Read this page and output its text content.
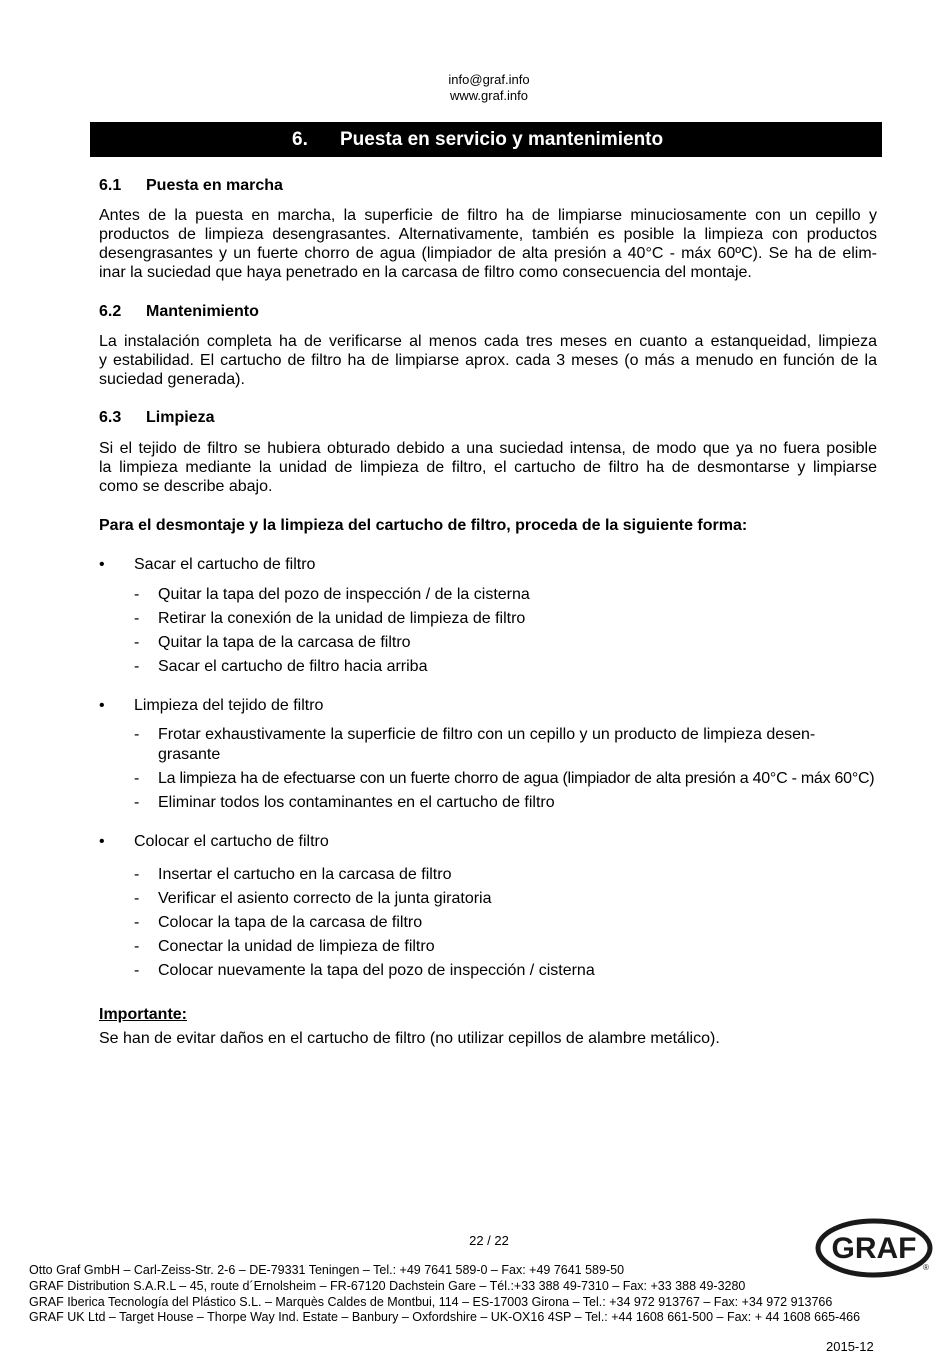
info@graf.info
www.graf.info
6. Puesta en servicio y mantenimiento
6.1 Puesta en marcha
Antes de la puesta en marcha, la superficie de filtro ha de limpiarse minuciosamente con un cepillo y
productos de limpieza desengrasantes. Alternativamente, también es posible la limpieza con productos
desengrasantes y un fuerte chorro de agua (limpiador de alta presión a 40°C - máx 60ºC). Se ha de elim-
inar la suciedad que haya penetrado en la carcasa de filtro como consecuencia del montaje.
6.2 Mantenimiento
La instalación completa ha de verificarse al menos cada tres meses en cuanto a estanqueidad, limpieza
y estabilidad. El cartucho de filtro ha de limpiarse aprox. cada 3 meses (o más a menudo en función de la
suciedad generada).
6.3 Limpieza
Si el tejido de filtro se hubiera obturado debido a una suciedad intensa, de modo que ya no fuera posible
la limpieza mediante la unidad de limpieza de filtro, el cartucho de filtro ha de desmontarse y limpiarse
como se describe abajo.
Para el desmontaje y la limpieza del cartucho de filtro, proceda de la siguiente forma:
• Sacar el cartucho de filtro
- Quitar la tapa del pozo de inspección / de la cisterna
- Retirar la conexión de la unidad de limpieza de filtro
- Quitar la tapa de la carcasa de filtro
- Sacar el cartucho de filtro hacia arriba
• Limpieza del tejido de filtro
- Frotar exhaustivamente la superficie de filtro con un cepillo y un producto de limpieza desen-
grasante
- La limpieza ha de efectuarse con un fuerte chorro de agua (limpiador de alta presión a 40°C - máx 60°C)
- Eliminar todos los contaminantes en el cartucho de filtro
• Colocar el cartucho de filtro
- Insertar el cartucho en la carcasa de filtro
- Verificar el asiento correcto de la junta giratoria
- Colocar la tapa de la carcasa de filtro
- Conectar la unidad de limpieza de filtro
- Colocar nuevamente la tapa del pozo de inspección / cisterna
Importante:
Se han de evitar daños en el cartucho de filtro (no utilizar cepillos de alambre metálico).
22 / 22	GRAF
®
Otto Graf GmbH – Carl-Zeiss-Str. 2-6 – DE-79331 Teningen – Tel.: +49 7641 589-0 – Fax: +49 7641 589-50
GRAF Distribution S.A.R.L – 45, route d´Ernolsheim – FR-67120 Dachstein Gare – Tél.:+33 388 49-7310 – Fax: +33 388 49-3280
GRAF Iberica Tecnología del Plástico S.L. – Marquès Caldes de Montbui, 114 – ES-17003 Girona – Tel.: +34 972 913767 – Fax: +34 972 913766
GRAF UK Ltd – Target House – Thorpe Way Ind. Estate – Banbury – Oxfordshire – UK-OX16 4SP – Tel.: +44 1608 661-500 – Fax: + 44 1608 665-466
2015-12
